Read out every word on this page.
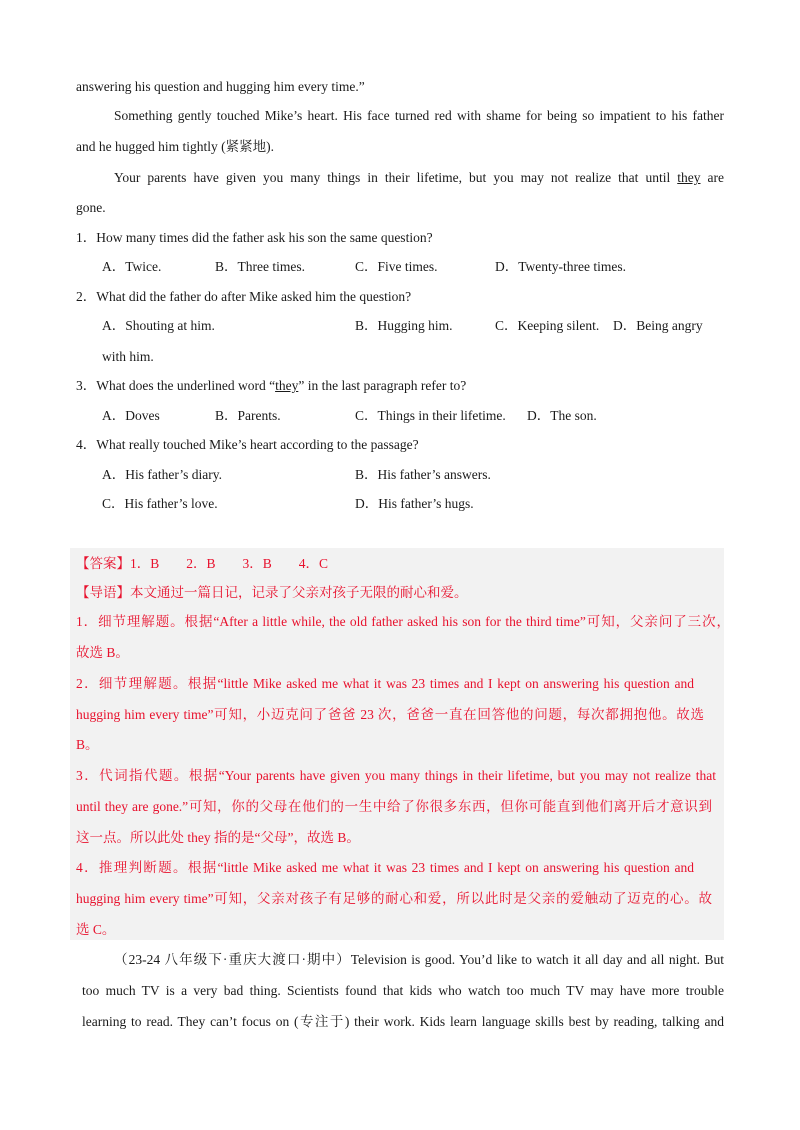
answering his question and hugging him every time.”
Something gently touched Mike’s heart. His face turned red with shame for being so impatient to his father
and he hugged him tightly (紧紧地).
Your parents have given you many things in their lifetime, but you may not realize that until they are
gone.
1．How many times did the father ask his son the same question?
A．Twice.	B．Three times.	C．Five times.	D．Twenty-three times.
2．What did the father do after Mike asked him the question?
A．Shouting at him.	B．Hugging him.	C．Keeping silent. D．Being angry
with him.
3．What does the underlined word “they” in the last paragraph refer to?
A．Doves	B．Parents.	C．Things in their lifetime. D．The son.
4．What really touched Mike’s heart according to the passage?
A．His father’s diary.	B．His father’s answers.
C．His father’s love.	D．His father’s hugs.
【答案】1．B　　2．B　　3．B　　4．C
【导语】本文通过一篇日记，记录了父亲对孩子无限的耐心和爱。
1．细节理解题。根据“After a little while, the old father asked his son for the third time”可知，父亲问了三次，
故选 B。
2．细节理解题。根据“little Mike asked me what it was 23 times and I kept on answering his question and
hugging him every time”可知，小迈克问了爸爸 23 次，爸爸一直在回答他的问题，每次都拥抱他。故选
B。
3．代词指代题。根据“Your parents have given you many things in their lifetime, but you may not realize that
until they are gone.”可知，你的父母在他们的一生中给了你很多东西，但你可能直到他们离开后才意识到
这一点。所以此处 they 指的是“父母”，故选 B。
4．推理判断题。根据“little Mike asked me what it was 23 times and I kept on answering his question and
hugging him every time”可知，父亲对孩子有足够的耐心和爱，所以此时是父亲的爱触动了迈克的心。故
选 C。
（23-24 八年级下·重庆大渡口·期中）Television is good. You’d like to watch it all day and all night. But
too much TV is a very bad thing. Scientists found that kids who watch too much TV may have more trouble
learning to read. They can’t focus on (专注于) their work. Kids learn language skills best by reading, talking and
